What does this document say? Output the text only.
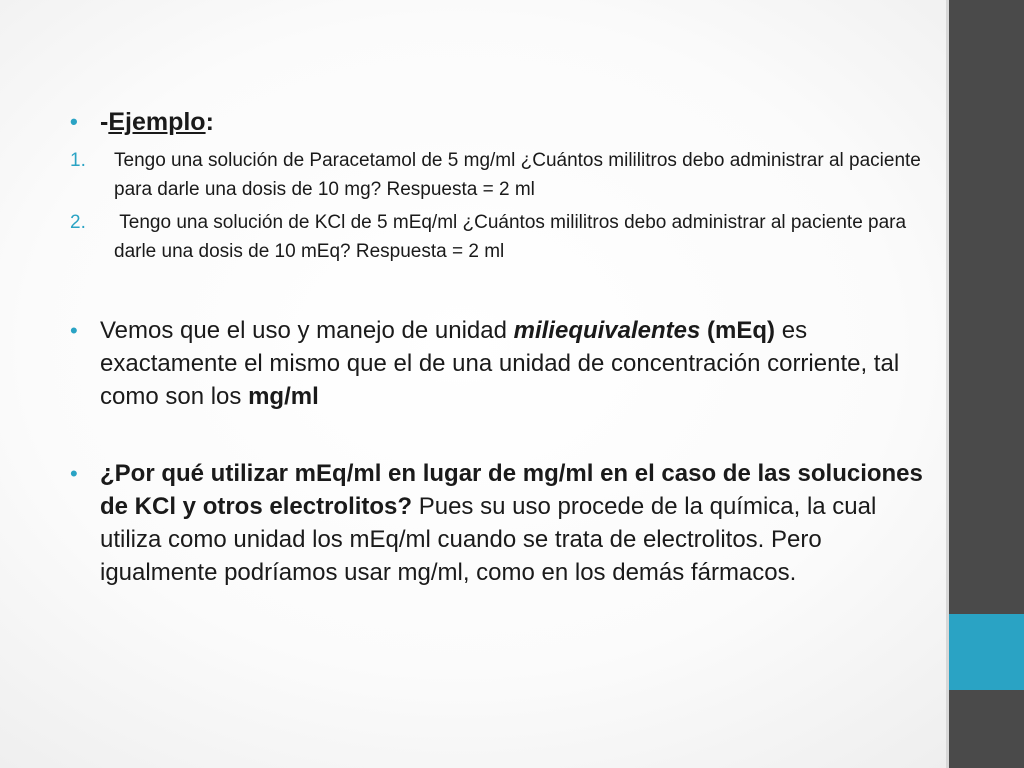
• -Ejemplo:
1. Tengo una solución de Paracetamol de 5 mg/ml ¿Cuántos mililitros debo administrar al paciente para darle una dosis de 10 mg? Respuesta = 2 ml
2. Tengo una solución de KCl de 5 mEq/ml ¿Cuántos mililitros debo administrar al paciente para darle una dosis de 10 mEq? Respuesta = 2 ml
• Vemos que el uso y manejo de unidad miliequivalentes (mEq) es exactamente el mismo que el de una unidad de concentración corriente, tal como son los mg/ml
• ¿Por qué utilizar mEq/ml en lugar de mg/ml en el caso de las soluciones de KCl y otros electrolitos? Pues su uso procede de la química, la cual utiliza como unidad los mEq/ml cuando se trata de electrolitos. Pero igualmente podríamos usar mg/ml, como en los demás fármacos.
